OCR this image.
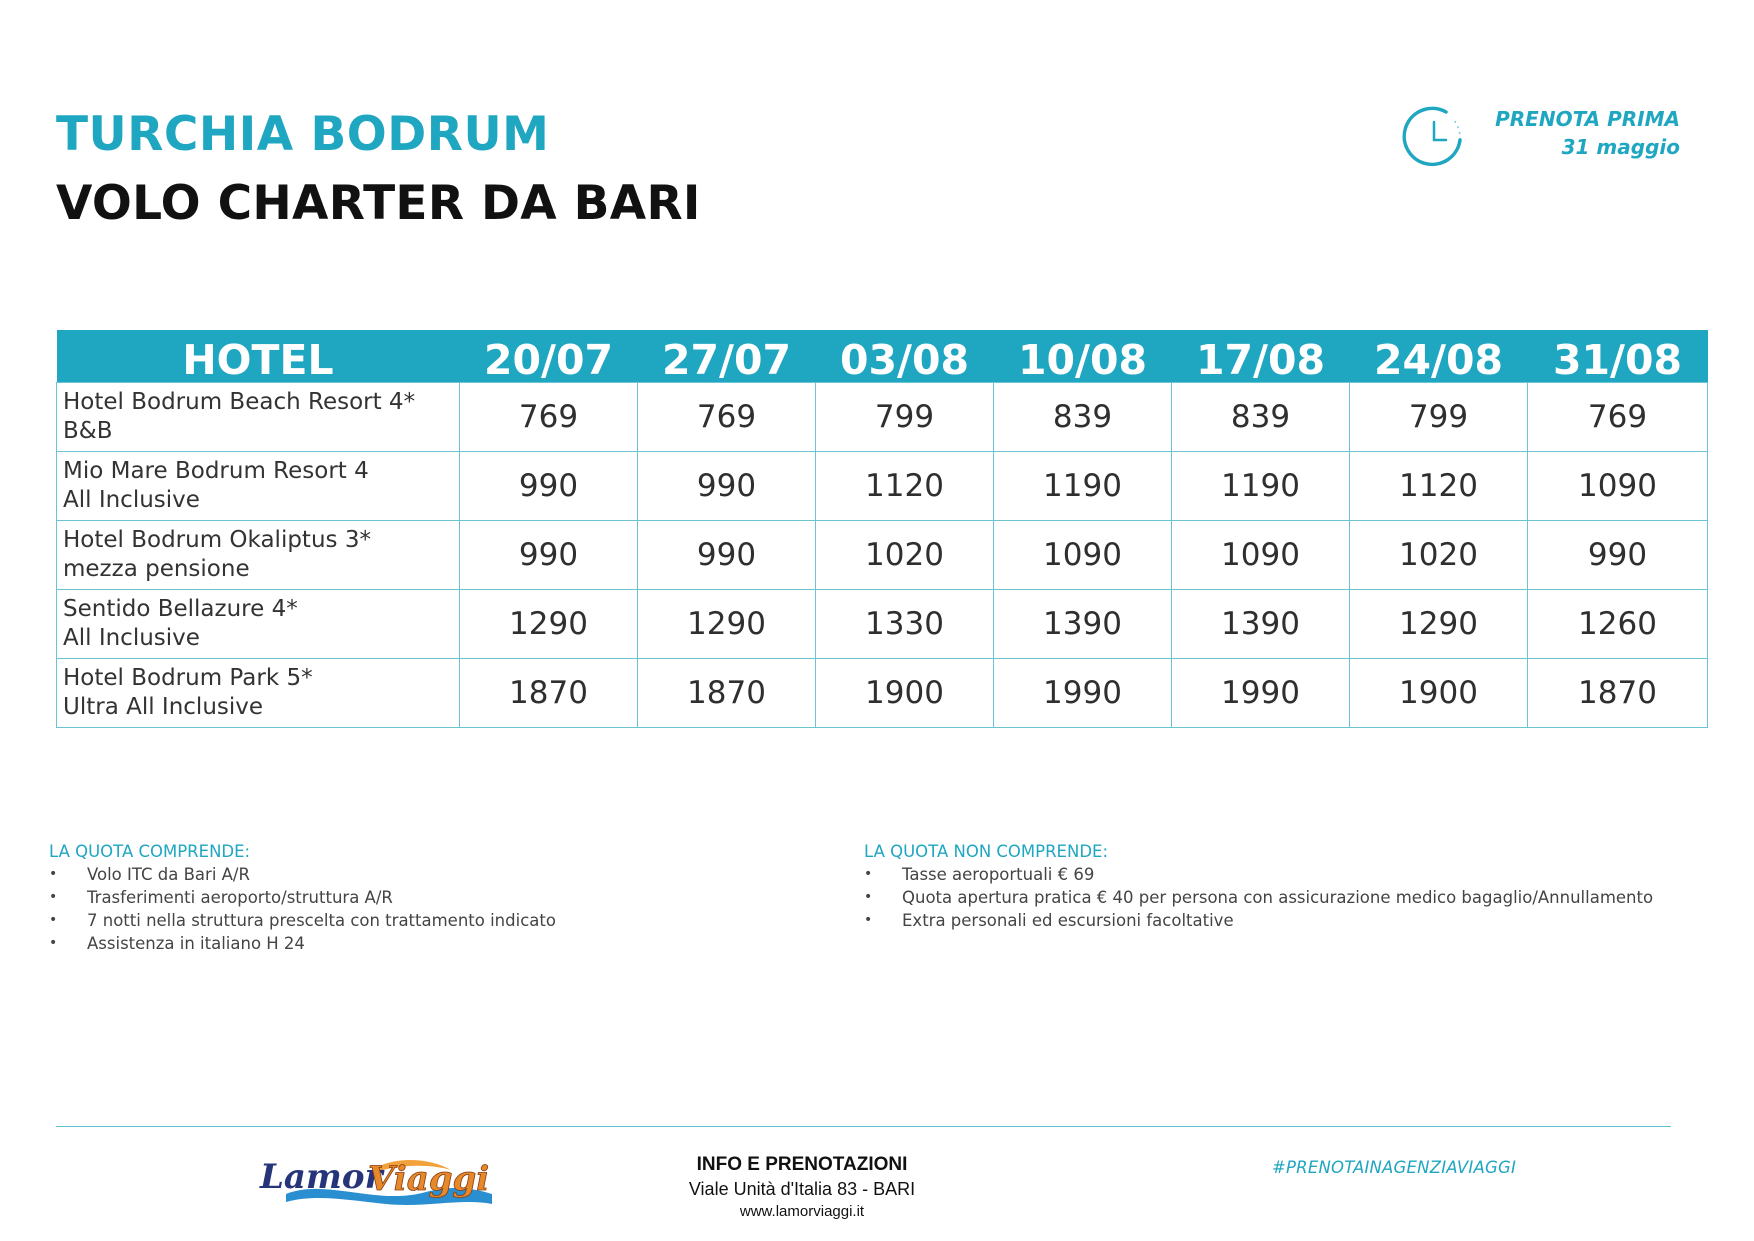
TURCHIA BODRUM
VOLO CHARTER DA BARI
PRENOTA PRIMA
31 maggio
HOTEL	20/07	27/07	03/08	10/08	17/08	24/08	31/08

Hotel Bodrum Beach Resort 4*
B&B	769	769	799	839	839	799	769

Mio Mare Bodrum Resort 4
All Inclusive	990	990	1120	1190	1190	1120	1090

Hotel Bodrum Okaliptus 3*
mezza pensione	990	990	1020	1090	1090	1020	990

Sentido Bellazure 4*
All Inclusive	1290	1290	1330	1390	1390	1290	1260

Hotel Bodrum Park 5*
Ultra All Inclusive	1870	1870	1900	1990	1990	1900	1870
LA QUOTA COMPRENDE:
• Volo ITC da Bari A/R
• Trasferimenti aeroporto/struttura A/R
• 7 notti nella struttura prescelta con trattamento indicato
• Assistenza in italiano H 24
LA QUOTA NON COMPRENDE:
• Tasse aeroportuali € 69
• Quota apertura pratica € 40 per persona con assicurazione medico bagaglio/Annullamento
• Extra personali ed escursioni facoltative
Lamor
Viaggi	INFO E PRENOTAZIONI
Viale Unità d'Italia 83 - BARI
www.lamorviaggi.it
#PRENOTAINAGENZIAVIAGGI
